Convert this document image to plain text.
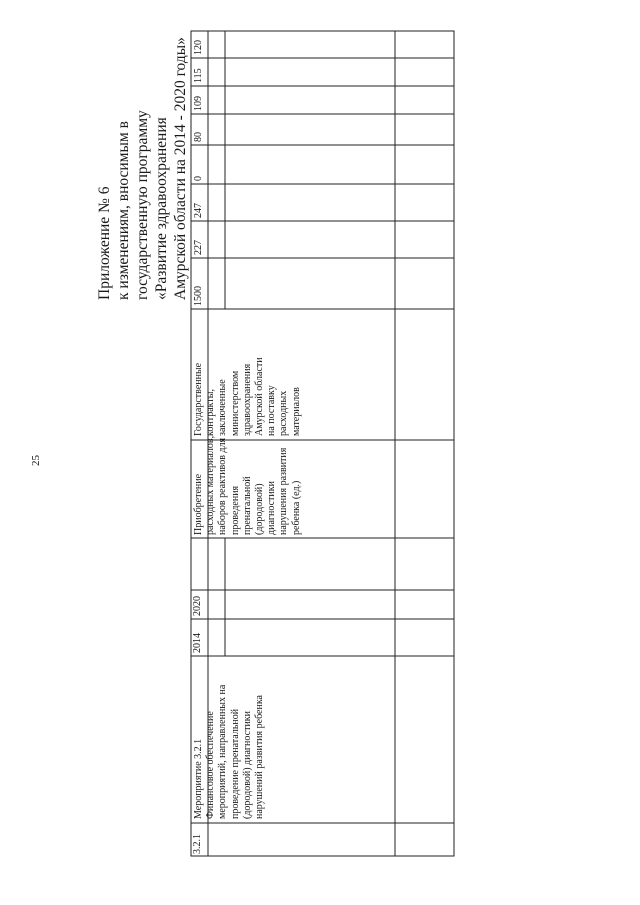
25
Приложение № 6 к изменениям, вносимым в государственную программу «Развитие здравоохранения Амурской области на 2014 - 2020 годы»
3.2.1
Мероприятие 3.2.1
Финансовое обеспечение
мероприятий, направленных на
проведение пренатальной
(дородовой) диагностики
нарушений развития ребенка
2014
2020
Приобретение
расходных материалов,
наборов реактивов для
проведения
пренатальной
(дородовой)
диагностики
нарушения развития
ребенка (ед.)
Государственные
контракты,
заключенные
министерством
здравоохранения
Амурской области
на поставку
расходных
материалов
1500
227
247
0
80
109
115
120
